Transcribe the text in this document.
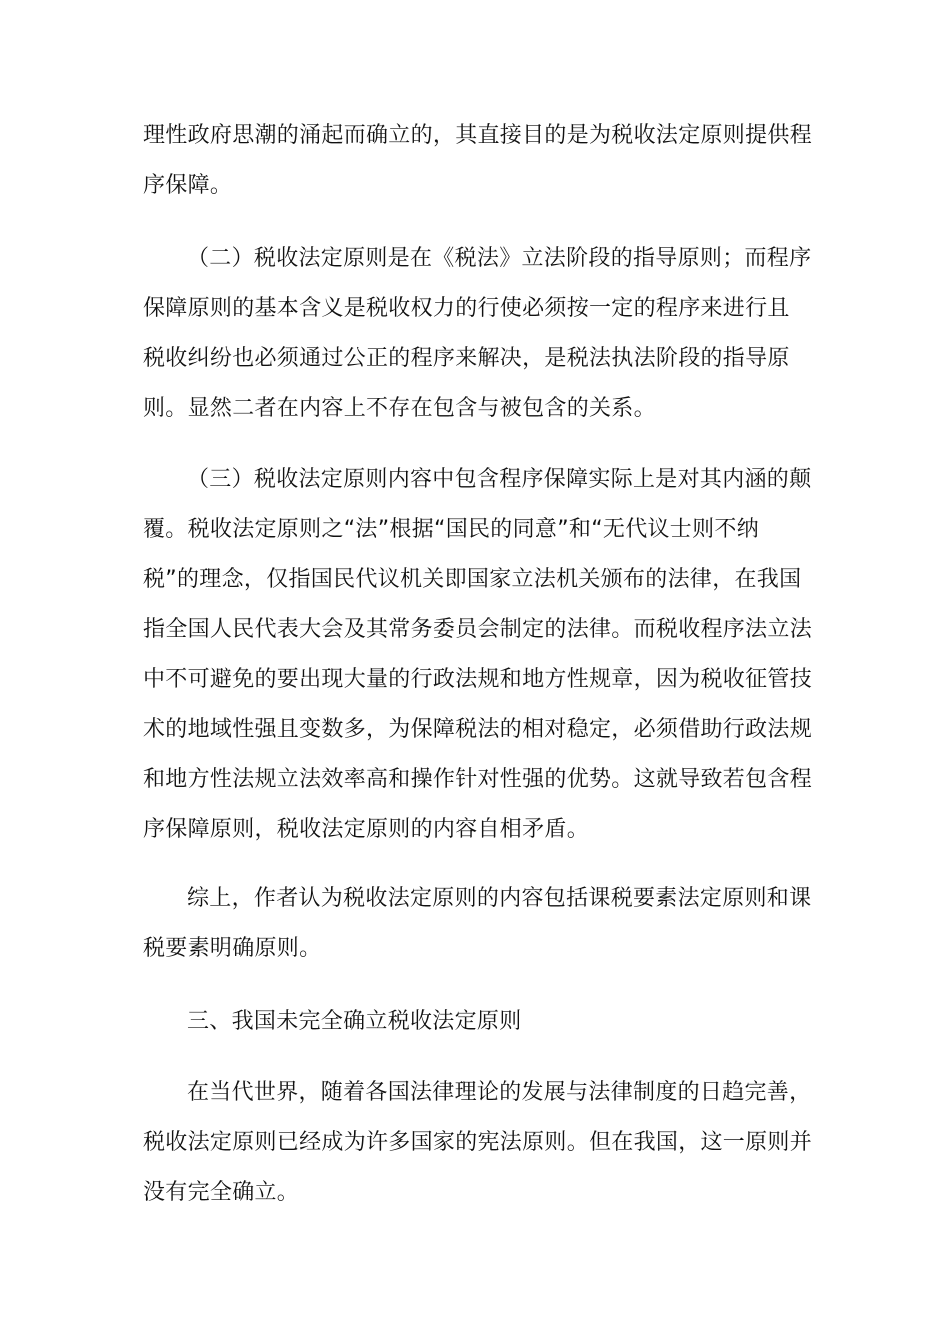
理性政府思潮的涌起而确立的，其直接目的是为税收法定原则提供程
序保障。
（二）税收法定原则是在《税法》立法阶段的指导原则；而程序
保障原则的基本含义是税收权力的行使必须按一定的程序来进行且
税收纠纷也必须通过公正的程序来解决，是税法执法阶段的指导原
则。显然二者在内容上不存在包含与被包含的关系。
（三）税收法定原则内容中包含程序保障实际上是对其内涵的颠
覆。税收法定原则之“法”根据“国民的同意”和“无代议士则不纳
税”的理念，仅指国民代议机关即国家立法机关颁布的法律，在我国
指全国人民代表大会及其常务委员会制定的法律。而税收程序法立法
中不可避免的要出现大量的行政法规和地方性规章，因为税收征管技
术的地域性强且变数多，为保障税法的相对稳定，必须借助行政法规
和地方性法规立法效率高和操作针对性强的优势。这就导致若包含程
序保障原则，税收法定原则的内容自相矛盾。
综上，作者认为税收法定原则的内容包括课税要素法定原则和课
税要素明确原则。
三、我国未完全确立税收法定原则
在当代世界，随着各国法律理论的发展与法律制度的日趋完善，
税收法定原则已经成为许多国家的宪法原则。但在我国，这一原则并
没有完全确立。
